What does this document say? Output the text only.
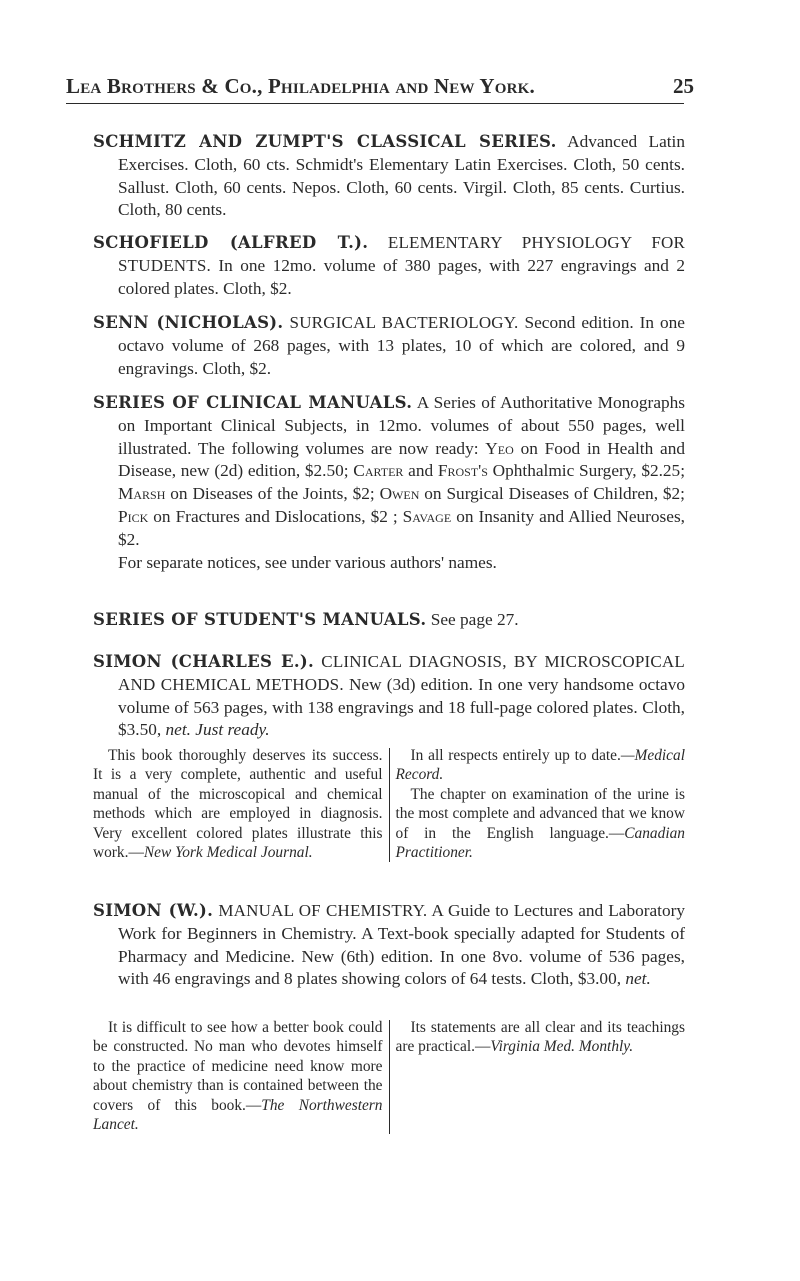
Lea Brothers & Co., Philadelphia and New York.	25

SCHMITZ AND ZUMPT'S CLASSICAL SERIES. Advanced Latin Exercises. Cloth, 60 cts. Schmidt's Elementary Latin Exercises. Cloth, 50 cents. Sallust. Cloth, 60 cents. Nepos. Cloth, 60 cents. Virgil. Cloth, 85 cents. Curtius. Cloth, 80 cents.

SCHOFIELD (ALFRED T.). ELEMENTARY PHYSIOLOGY FOR STUDENTS. In one 12mo. volume of 380 pages, with 227 engravings and 2 colored plates. Cloth, $2.

SENN (NICHOLAS). SURGICAL BACTERIOLOGY. Second edition. In one octavo volume of 268 pages, with 13 plates, 10 of which are colored, and 9 engravings. Cloth, $2.

SERIES OF CLINICAL MANUALS. A Series of Authoritative Monographs on Important Clinical Subjects, in 12mo. volumes of about 550 pages, well illustrated. The following volumes are now ready: Yeo on Food in Health and Disease, new (2d) edition, $2.50; Carter and Frost's Ophthalmic Surgery, $2.25; Marsh on Diseases of the Joints, $2; Owen on Surgical Diseases of Children, $2; Pick on Fractures and Dislocations, $2 ; Savage on Insanity and Allied Neuroses, $2.

For separate notices, see under various authors' names.

SERIES OF STUDENT'S MANUALS. See page 27.

SIMON (CHARLES E.). CLINICAL DIAGNOSIS, BY MICROSCOPICAL AND CHEMICAL METHODS. New (3d) edition. In one very handsome octavo volume of 563 pages, with 138 engravings and 18 full-page colored plates. Cloth, $3.50, net. Just ready.

This book thoroughly deserves its success. It is a very complete, authentic and useful manual of the microscopical and chemical methods which are employed in diagnosis. Very excellent colored plates illustrate this work.—New York Medical Journal.

In all respects entirely up to date.—Medical Record.

The chapter on examination of the urine is the most complete and advanced that we know of in the English language.—Canadian Practitioner.

SIMON (W.). MANUAL OF CHEMISTRY. A Guide to Lectures and Laboratory Work for Beginners in Chemistry. A Text-book specially adapted for Students of Pharmacy and Medicine. New (6th) edition. In one 8vo. volume of 536 pages, with 46 engravings and 8 plates showing colors of 64 tests. Cloth, $3.00, net.

It is difficult to see how a better book could be constructed. No man who devotes himself to the practice of medicine need know more about chemistry than is contained between the covers of this book.—The Northwestern Lancet.

Its statements are all clear and its teachings are practical.—Virginia Med. Monthly.
